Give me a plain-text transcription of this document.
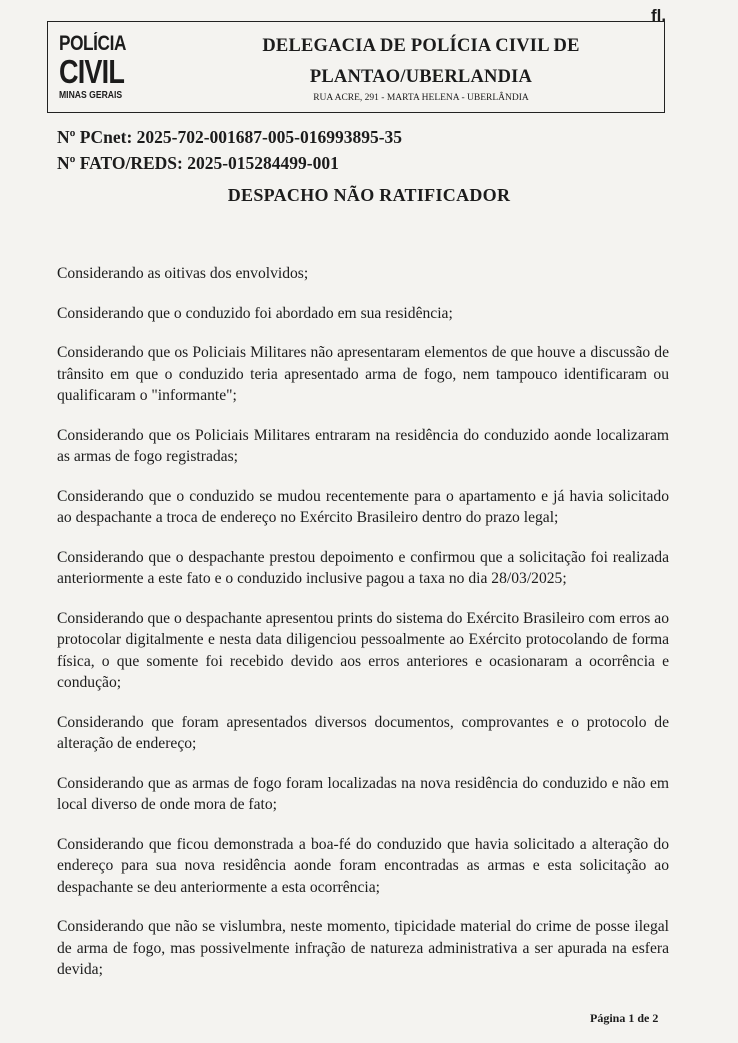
fl.
POLÍCIA
CIVIL
MINAS GERAIS
DELEGACIA DE POLÍCIA CIVIL DE
PLANTAO/UBERLANDIA
RUA ACRE, 291 - MARTA HELENA - UBERLÂNDIA
Nº PCnet: 2025-702-001687-005-016993895-35
Nº FATO/REDS: 2025-015284499-001
DESPACHO NÃO RATIFICADOR

Considerando as oitivas dos envolvidos;

Considerando que o conduzido foi abordado em sua residência;

Considerando que os Policiais Militares não apresentaram elementos de que houve a discussão de trânsito em que o conduzido teria apresentado arma de fogo, nem tampouco identificaram ou qualificaram o "informante";

Considerando que os Policiais Militares entraram na residência do conduzido aonde localizaram as armas de fogo registradas;

Considerando que o conduzido se mudou recentemente para o apartamento e já havia solicitado ao despachante a troca de endereço no Exército Brasileiro dentro do prazo legal;

Considerando que o despachante prestou depoimento e confirmou que a solicitação foi realizada anteriormente a este fato e o conduzido inclusive pagou a taxa no dia 28/03/2025;

Considerando que o despachante apresentou prints do sistema do Exército Brasileiro com erros ao protocolar digitalmente e nesta data diligenciou pessoalmente ao Exército protocolando de forma física, o que somente foi recebido devido aos erros anteriores e ocasionaram a ocorrência e condução;

Considerando que foram apresentados diversos documentos, comprovantes e o protocolo de alteração de endereço;

Considerando que as armas de fogo foram localizadas na nova residência do conduzido e não em local diverso de onde mora de fato;

Considerando que ficou demonstrada a boa-fé do conduzido que havia solicitado a alteração do endereço para sua nova residência aonde foram encontradas as armas e esta solicitação ao despachante se deu anteriormente a esta ocorrência;

Considerando que não se vislumbra, neste momento, tipicidade material do crime de posse ilegal de arma de fogo, mas possivelmente infração de natureza administrativa a ser apurada na esfera devida;

Página 1 de 2
